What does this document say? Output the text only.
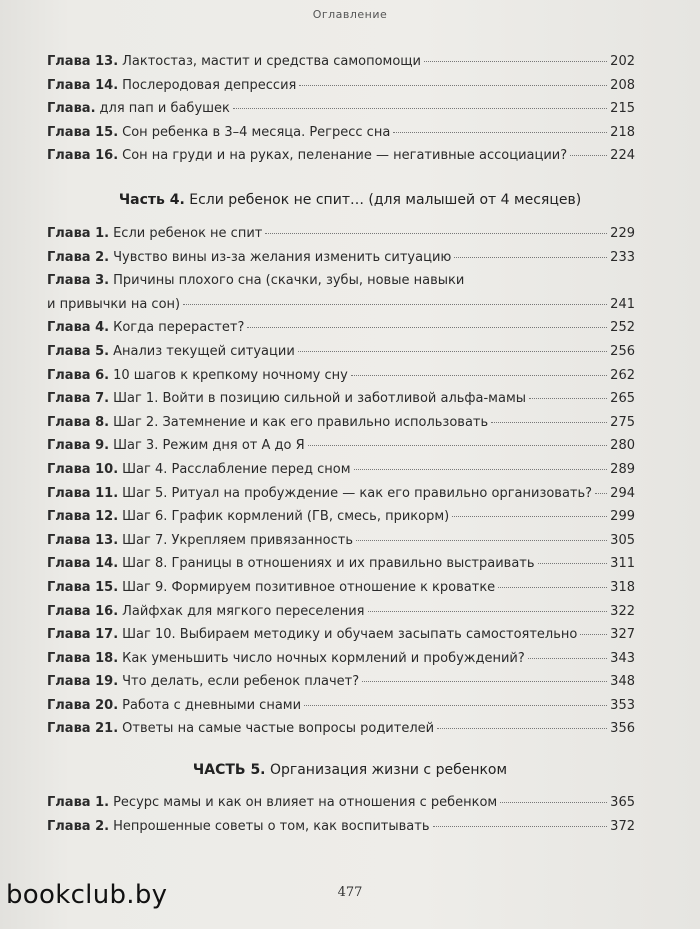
Оглавление
Глава 13. Лактостаз, мастит и средства самопомощи	202
Глава 14. Послеродовая депрессия	208
Глава. для пап и бабушек	215
Глава 15. Сон ребенка в 3–4 месяца. Регресс сна	218
Глава 16. Сон на груди и на руках, пеленание — негативные ассоциации?	224
Часть 4. Если ребенок не спит… (для малышей от 4 месяцев)
Глава 1. Если ребенок не спит	229
Глава 2. Чувство вины из-за желания изменить ситуацию	233
Глава 3. Причины плохого сна (скачки, зубы, новые навыки
и привычки на сон)	241
Глава 4. Когда перерастет?	252
Глава 5. Анализ текущей ситуации	256
Глава 6. 10 шагов к крепкому ночному сну	262
Глава 7. Шаг 1. Войти в позицию сильной и заботливой альфа-мамы	265
Глава 8. Шаг 2. Затемнение и как его правильно использовать	275
Глава 9. Шаг 3. Режим дня от А до Я	280
Глава 10. Шаг 4. Расслабление перед сном	289
Глава 11. Шаг 5. Ритуал на пробуждение — как его правильно организовать? 294
Глава 12. Шаг 6. График кормлений (ГВ, смесь, прикорм)	299
Глава 13. Шаг 7. Укрепляем привязанность	305
Глава 14. Шаг 8. Границы в отношениях и их правильно выстраивать	311
Глава 15. Шаг 9. Формируем позитивное отношение к кроватке	318
Глава 16. Лайфхак для мягкого переселения	322
Глава 17. Шаг 10. Выбираем методику и обучаем засыпать самостоятельно	327
Глава 18. Как уменьшить число ночных кормлений и пробуждений?	343
Глава 19. Что делать, если ребенок плачет?	348
Глава 20. Работа с дневными снами	353
Глава 21. Ответы на самые частые вопросы родителей	356
ЧАСТЬ 5. Организация жизни с ребенком
Глава 1. Ресурс мамы и как он влияет на отношения с ребенком	365
Глава 2. Непрошенные советы о том, как воспитывать	372
477
bookclub.by
